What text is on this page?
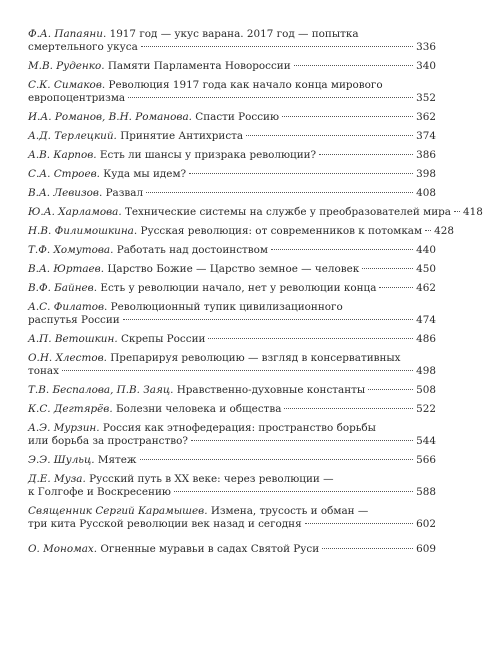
Ф.А. Папаяни.
1917 год — укус варана. 2017 год — попытка
смертельного укуса	336
М.В. Руденко.
Памяти Парламента Новороссии	340
С.К. Симаков.
Революция 1917 года как начало конца мирового
европоцентризма	352
И.А. Романов, В.Н. Романова.
Спасти Россию	362
А.Д. Терлецкий.
Принятие Антихриста	374
А.В. Карпов.
Есть ли шансы у призрака революции?	386
С.А. Строев.
Куда мы идем?	398
В.А. Левизов.
Развал	408
Ю.А. Харламова.
Технические системы на службе у преобразователей мира 418
Н.В. Филимошкина.
Русская революция: от современников к потомкам 428
Т.Ф. Хомутова.
Работать над достоинством	440
В.А. Юртаев.
Царство Божие — Царство земное — человек	450
В.Ф. Байнев.
Есть у революции начало, нет у революции конца	462
А.С. Филатов.
Революционный тупик цивилизационного
распутья России	474
А.П. Ветошкин.
Скрепы России	486
О.Н. Хлестов.
Препарируя революцию — взгляд в консервативных
тонах	498
Т.В. Беспалова, П.В. Заяц.
Нравственно-духовные константы	508
К.С. Дегтярёв.
Болезни человека и общества	522
А.Э. Мурзин.
Россия как этнофедерация: пространство борьбы
или борьба за пространство?	544
Э.Э. Шульц.
Мятеж	566
Д.Е. Муза.
Русский путь в XX веке: через революции —
к Голгофе и Воскресению	588
Священник Сергий Карамышев.
Измена, трусость и обман —
три кита Русской революции век назад и сегодня	602
О. Мономах.
Огненные муравьи в садах Святой Руси	609
